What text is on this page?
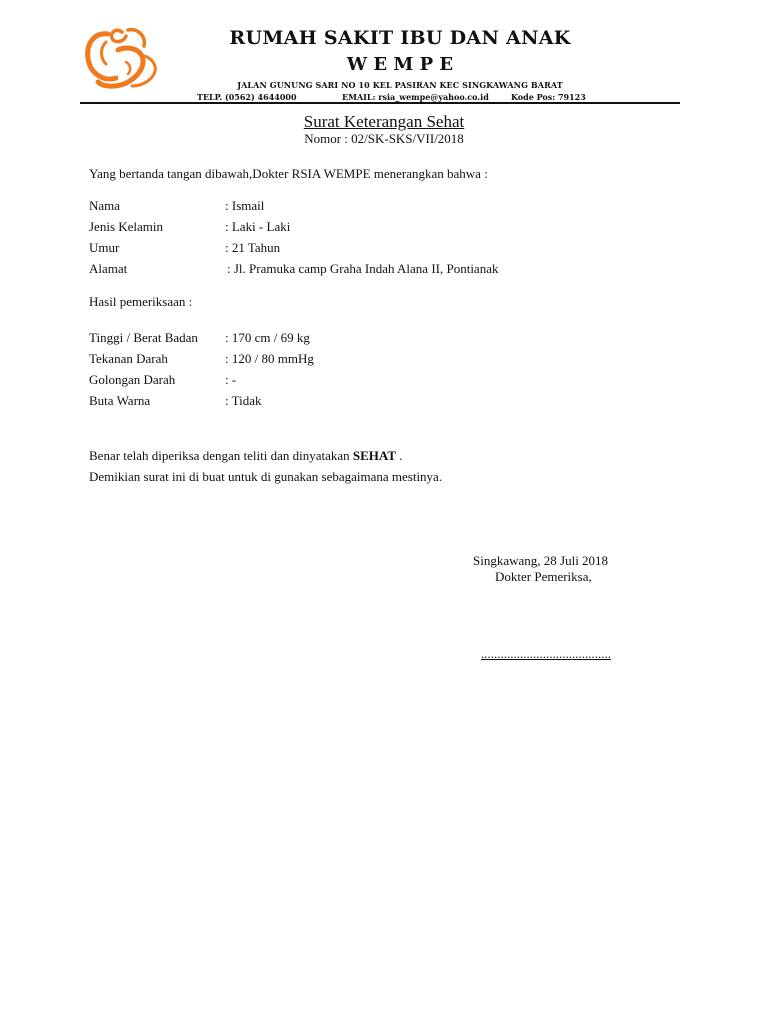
RUMAH SAKIT IBU DAN ANAK
W E M P E
JALAN GUNUNG SARI NO 10 KEL PASIRAN KEC SINGKAWANG BARAT
TELP. (0562) 4644000	EMAIL: rsia_wempe@yahoo.co.id	Kode Pos: 79123
Surat Keterangan Sehat
Nomor : 02/SK-SKS/VII/2018
Yang bertanda tangan dibawah,Dokter RSIA WEMPE menerangkan bahwa :
Nama	: Ismail
Jenis Kelamin	: Laki - Laki
Umur	: 21 Tahun
Alamat	: Jl. Pramuka camp Graha Indah Alana II, Pontianak
Hasil pemeriksaan :
Tinggi / Berat Badan : 170 cm / 69 kg
Tekanan Darah	: 120 / 80 mmHg
Golongan Darah	: -
Buta Warna	: Tidak
Benar telah diperiksa dengan teliti dan dinyatakan SEHAT .
Demikian surat ini di buat untuk di gunakan sebagaimana mestinya.
Singkawang, 28 Juli 2018
Dokter Pemeriksa,
........................................
